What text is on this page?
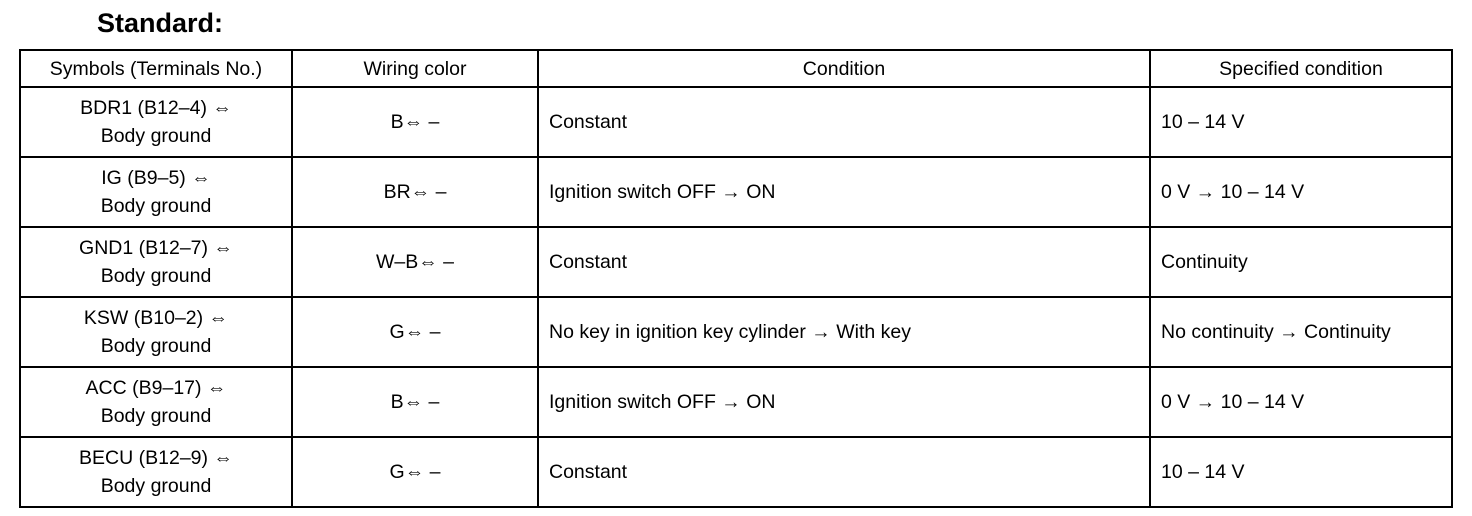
Standard:
Symbols (Terminals No.)	Wiring color	Condition	Specified condition

BDR1 (B12–4) ⇔
Body ground	B⇔ –	Constant	10 – 14 V

IG (B9–5) ⇔
Body ground	BR⇔ –	Ignition switch OFF → ON	0 V → 10 – 14 V

GND1 (B12–7) ⇔
Body ground	W–B⇔ –	Constant	Continuity

KSW (B10–2) ⇔
Body ground	G⇔ –	No key in ignition key cylinder → With key	No continuity → Continuity

ACC (B9–17) ⇔
Body ground	B⇔ –	Ignition switch OFF → ON	0 V → 10 – 14 V

BECU (B12–9) ⇔
Body ground	G⇔ –	Constant	10 – 14 V
